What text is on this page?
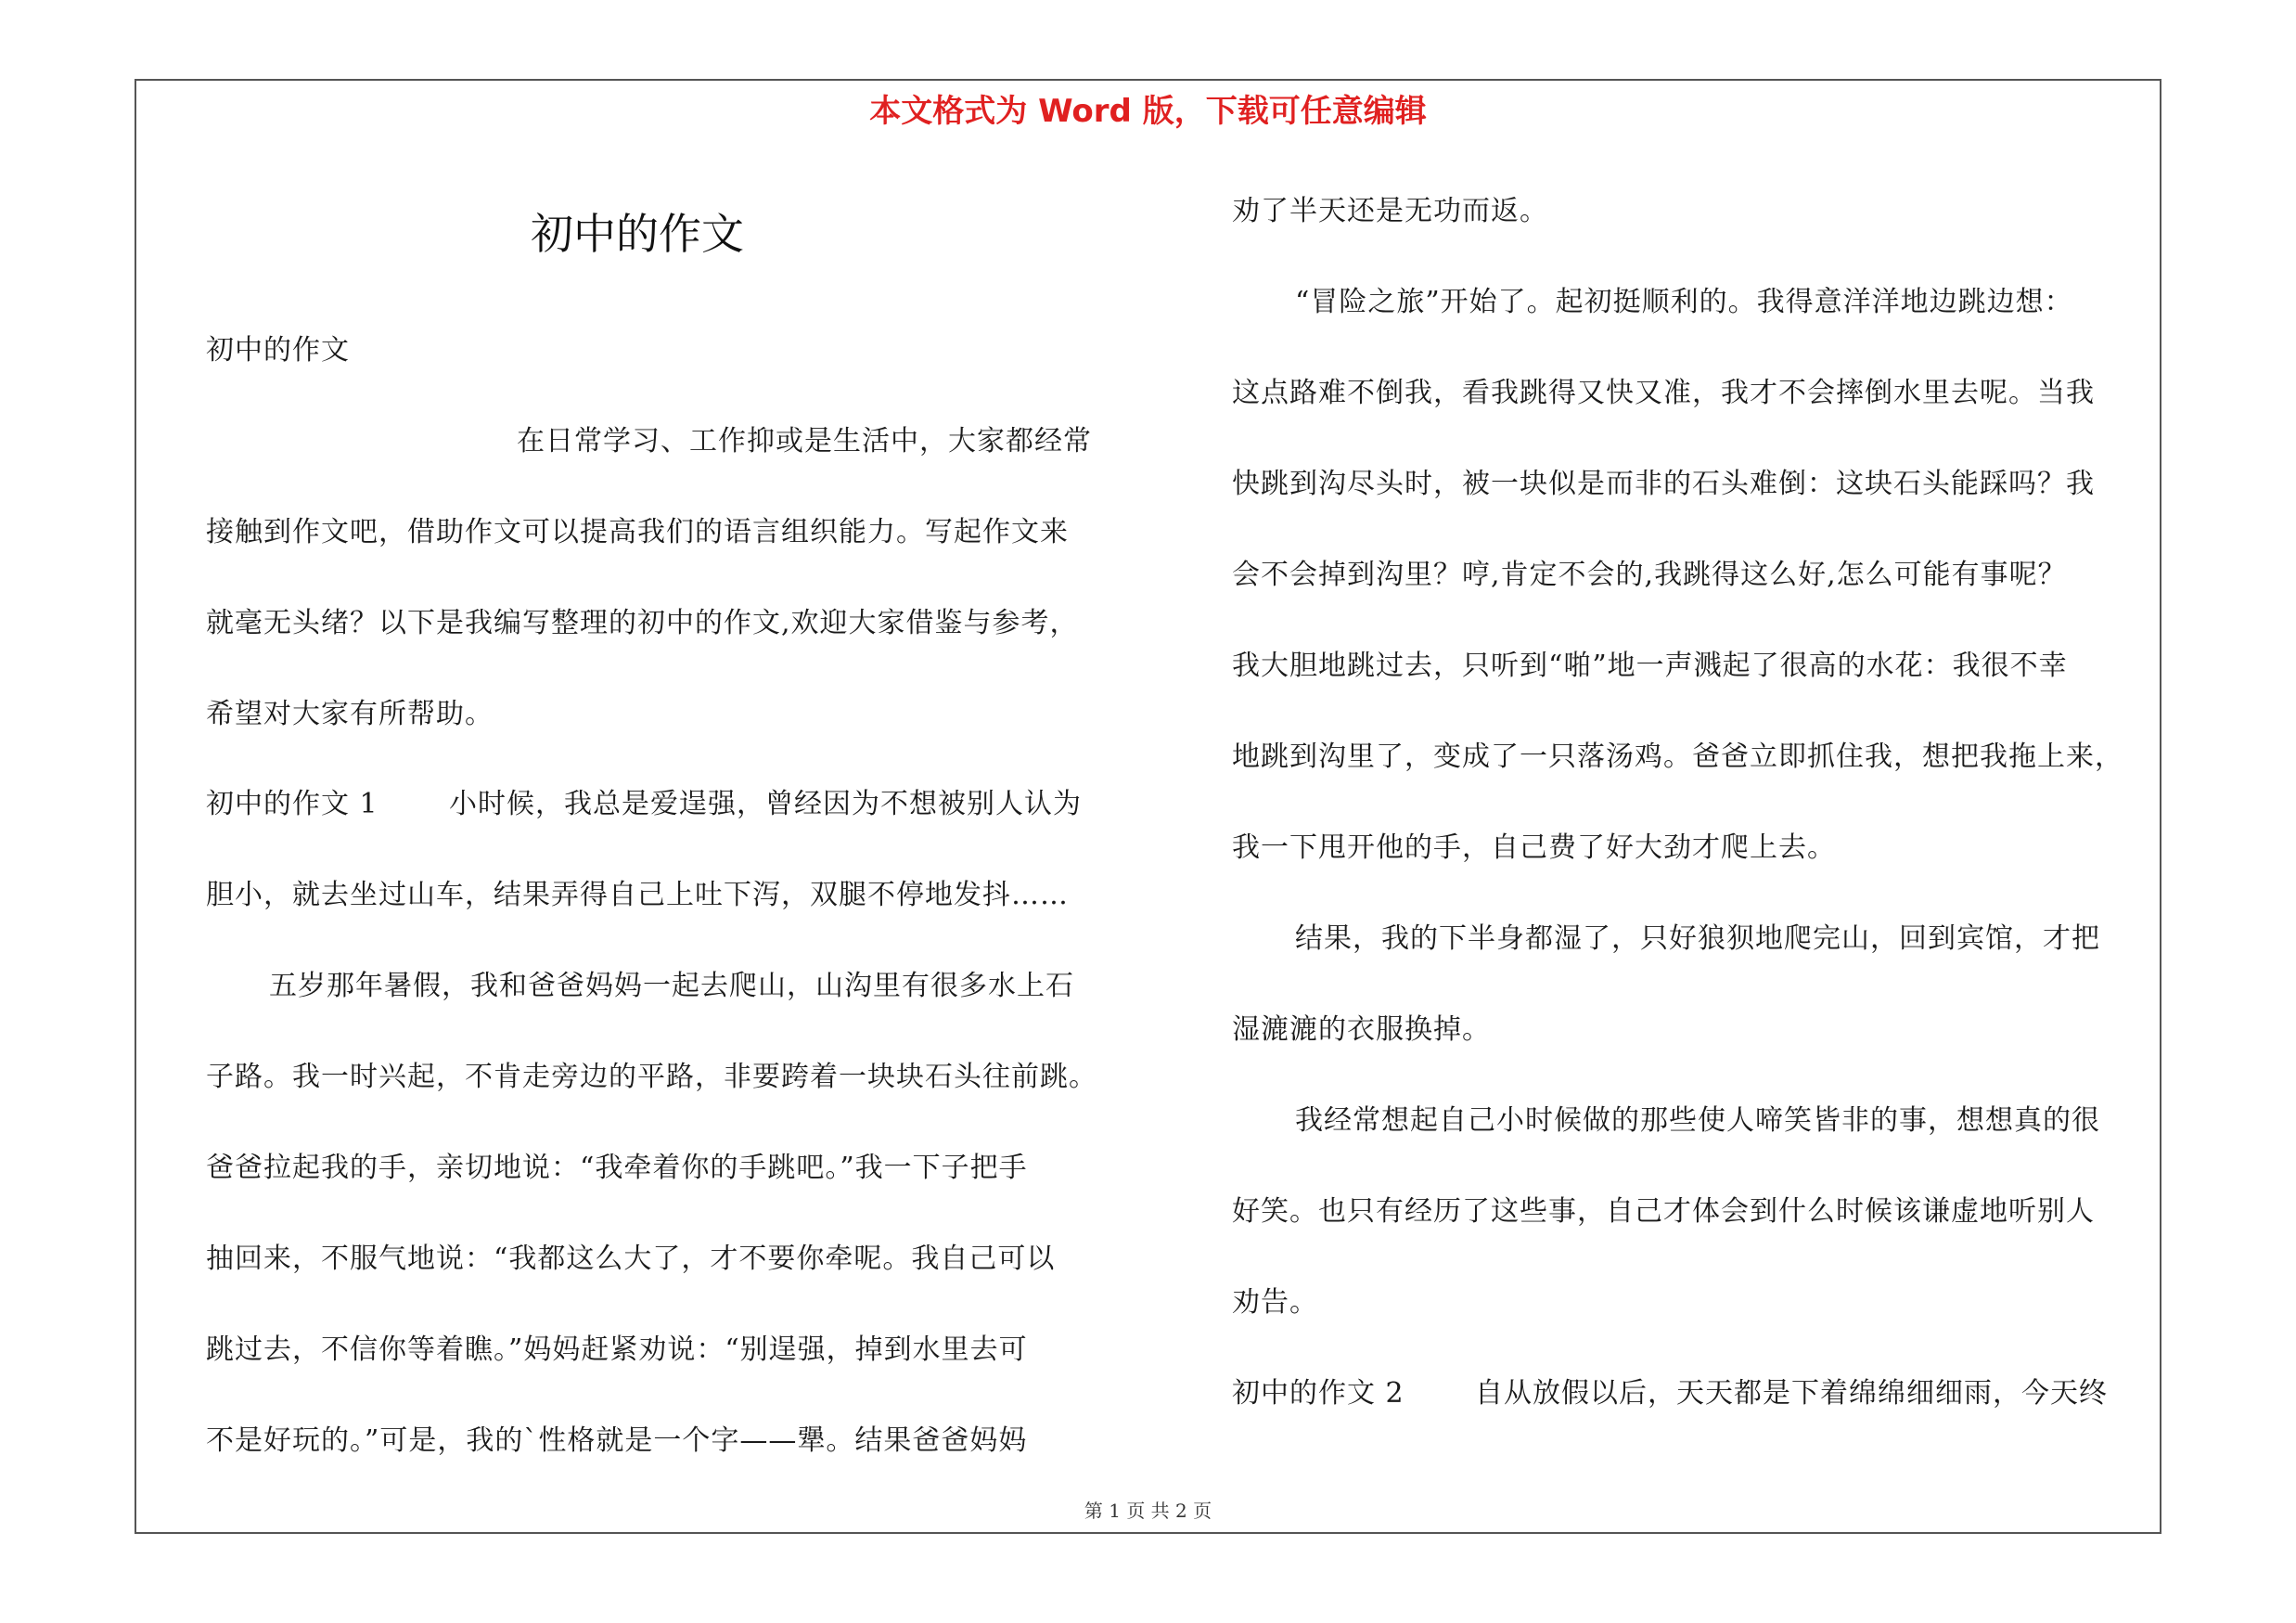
本文格式为 Word 版，下载可任意编辑
初中的作文
初中的作文
在日常学习、工作抑或是生活中，大家都经常
接触到作文吧，借助作文可以提高我们的语言组织能力。写起作文来
就毫无头绪？以下是我编写整理的初中的作文,欢迎大家借鉴与参考，
希望对大家有所帮助。
初中的作文 1	小时候，我总是爱逞强，曾经因为不想被别人认为
胆小，就去坐过山车，结果弄得自己上吐下泻，双腿不停地发抖……
五岁那年暑假，我和爸爸妈妈一起去爬山，山沟里有很多水上石
子路。我一时兴起，不肯走旁边的平路，非要跨着一块块石头往前跳。
爸爸拉起我的手，亲切地说：“我牵着你的手跳吧。”我一下子把手
抽回来，不服气地说：“我都这么大了，才不要你牵呢。我自己可以
跳过去，不信你等着瞧。”妈妈赶紧劝说：“别逞强，掉到水里去可
不是好玩的。”可是，我的`性格就是一个字——犟。结果爸爸妈妈
劝了半天还是无功而返。
“冒险之旅”开始了。起初挺顺利的。我得意洋洋地边跳边想：
这点路难不倒我，看我跳得又快又准，我才不会摔倒水里去呢。当我
快跳到沟尽头时，被一块似是而非的石头难倒：这块石头能踩吗？我
会不会掉到沟里？哼,肯定不会的,我跳得这么好,怎么可能有事呢？
我大胆地跳过去，只听到“啪”地一声溅起了很高的水花：我很不幸
地跳到沟里了，变成了一只落汤鸡。爸爸立即抓住我，想把我拖上来，
我一下甩开他的手，自己费了好大劲才爬上去。
结果，我的下半身都湿了，只好狼狈地爬完山，回到宾馆，才把
湿漉漉的衣服换掉。
我经常想起自己小时候做的那些使人啼笑皆非的事，想想真的很
好笑。也只有经历了这些事，自己才体会到什么时候该谦虚地听别人
劝告。
初中的作文 2	自从放假以后，天天都是下着绵绵细细雨，今天终
第 1 页 共 2 页
